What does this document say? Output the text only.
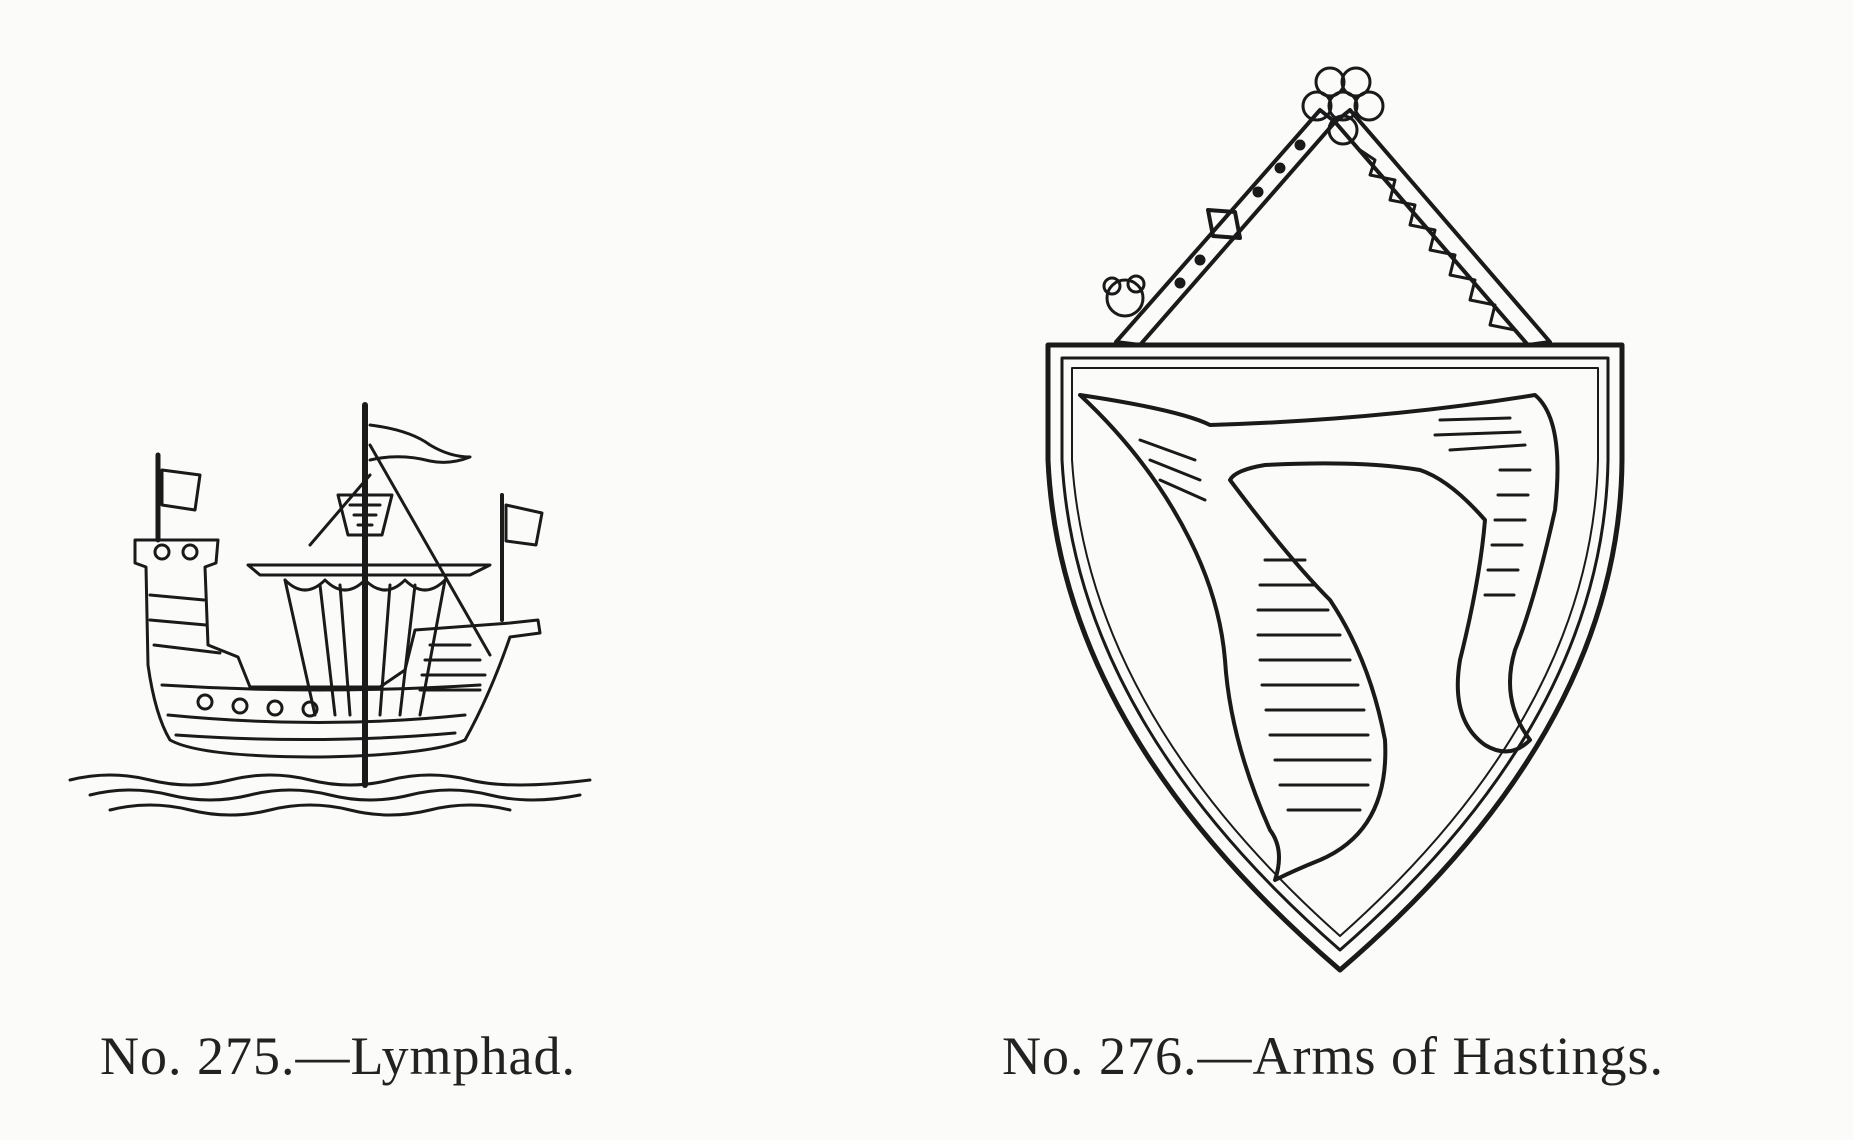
No. 275.—Lymphad.	No. 276.—Arms of Hastings.
